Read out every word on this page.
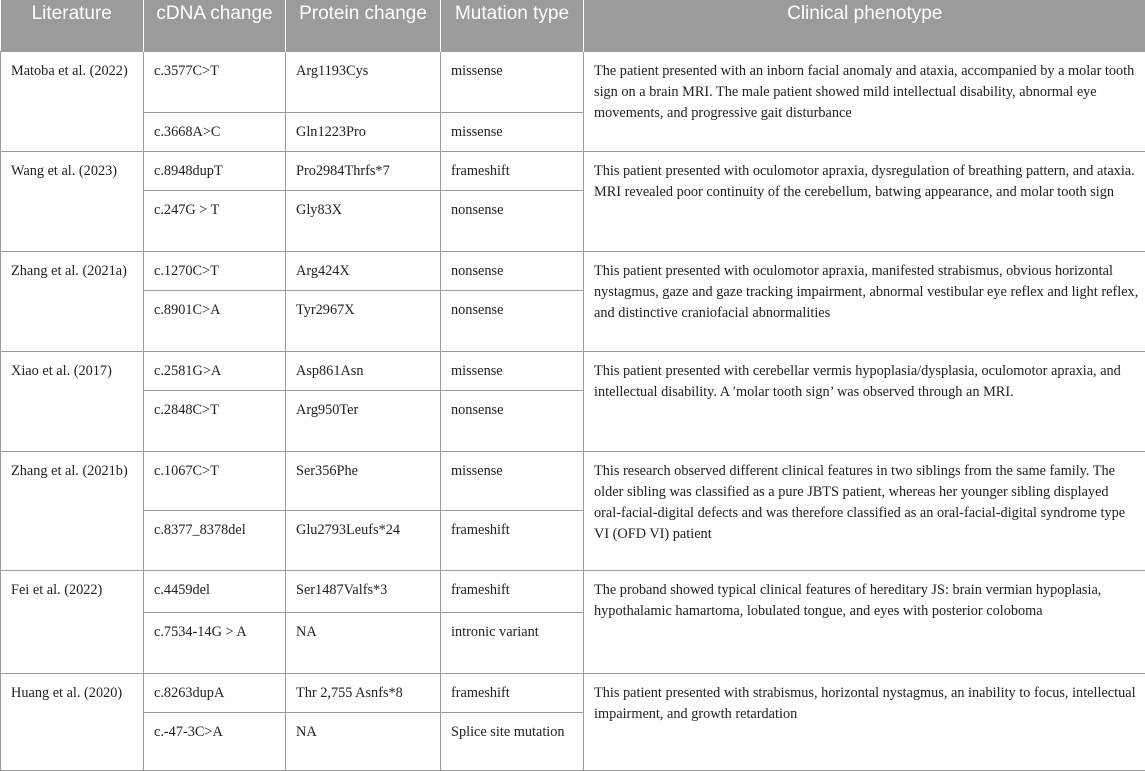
Literature	cDNA change	Protein change	Mutation type	Clinical phenotype
Matoba et al. (2022)	c.3577C>T	Arg1193Cys	missense	The patient presented with an inborn facial anomaly and ataxia, accompanied by a molar tooth sign on a brain MRI. The male patient showed mild intellectual disability, abnormal eye movements, and progressive gait disturbance
	c.3668A>C	Gln1223Pro	missense	
Wang et al. (2023)	c.8948dupT	Pro2984Thrfs*7	frameshift	This patient presented with oculomotor apraxia, dysregulation of breathing pattern, and ataxia. MRI revealed poor continuity of the cerebellum, batwing appearance, and molar tooth sign
	c.247G > T	Gly83X	nonsense	
Zhang et al. (2021a)	c.1270C>T	Arg424X	nonsense	This patient presented with oculomotor apraxia, manifested strabismus, obvious horizontal nystagmus, gaze and gaze tracking impairment, abnormal vestibular eye reflex and light reflex, and distinctive craniofacial abnormalities
	c.8901C>A	Tyr2967X	nonsense	
Xiao et al. (2017)	c.2581G>A	Asp861Asn	missense	This patient presented with cerebellar vermis hypoplasia/dysplasia, oculomotor apraxia, and intellectual disability. A ′molar tooth sign’ was observed through an MRI.
	c.2848C>T	Arg950Ter	nonsense	
Zhang et al. (2021b)	c.1067C>T	Ser356Phe	missense	This research observed different clinical features in two siblings from the same family. The older sibling was classified as a pure JBTS patient, whereas her younger sibling displayed oral-facial-digital defects and was therefore classified as an oral-facial-digital syndrome type VI (OFD VI) patient
	c.8377_8378del	Glu2793Leufs*24	frameshift	
Fei et al. (2022)	c.4459del	Ser1487Valfs*3	frameshift	The proband showed typical clinical features of hereditary JS: brain vermian hypoplasia, hypothalamic hamartoma, lobulated tongue, and eyes with posterior coloboma
	c.7534-14G > A	NA	intronic variant	
Huang et al. (2020)	c.8263dupA	Thr 2,755 Asnfs*8	frameshift	This patient presented with strabismus, horizontal nystagmus, an inability to focus, intellectual impairment, and growth retardation
	c.-47-3C>A	NA	Splice site mutation	
